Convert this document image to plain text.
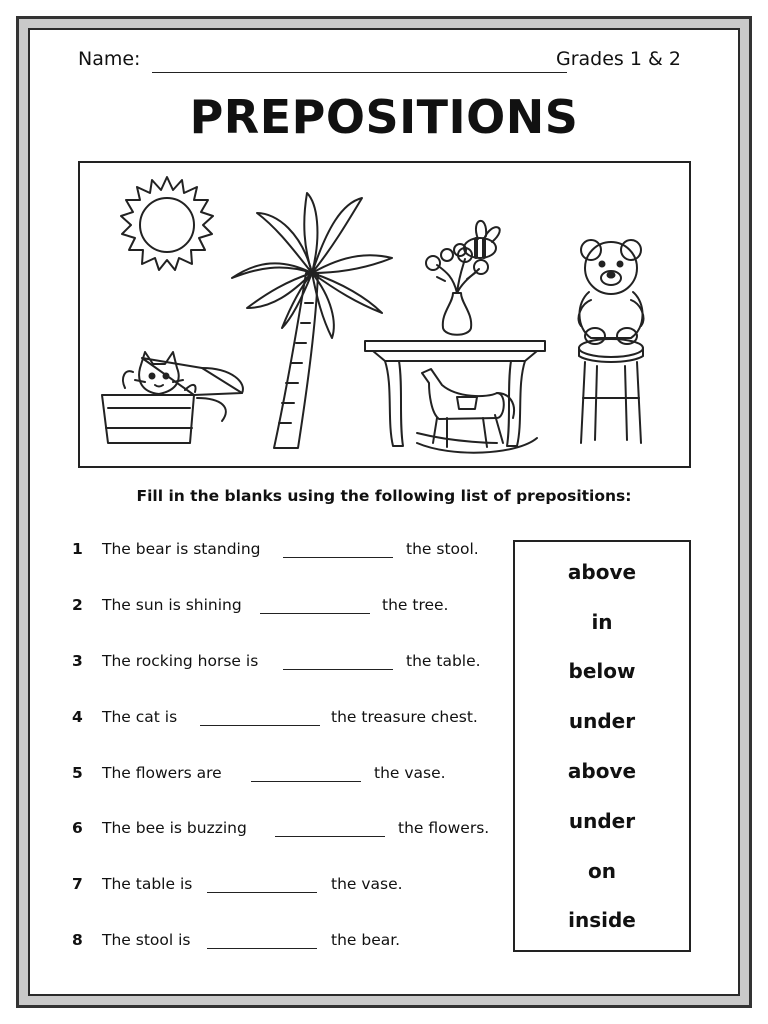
Name:	Grades 1 & 2
PREPOSITIONS
Fill in the blanks using the following list of prepositions:
1 The bear is standing	the stool.
2 The sun is shining	the tree.
3 The rocking horse is	the table.
4 The cat is	the treasure chest.
5 The flowers are	the vase.
6 The bee is buzzing	the flowers.
7 The table is	the vase.
8 The stool is	the bear.
above
in
below
under
above
under
on
inside
